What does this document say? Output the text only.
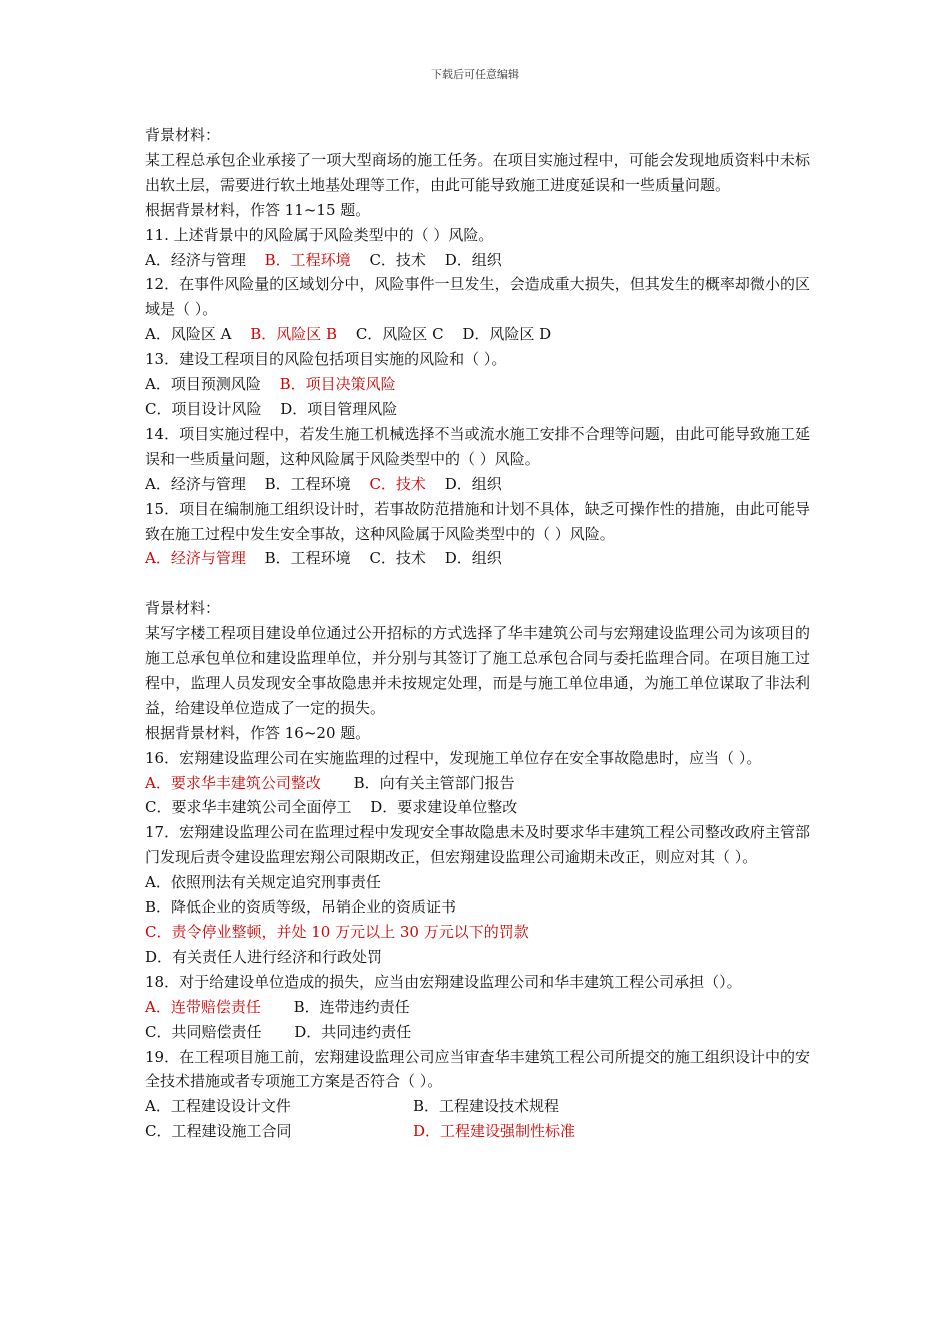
下载后可任意编辑
背景材料：
某工程总承包企业承接了一项大型商场的施工任务。在项目实施过程中，可能会发现地质资料中未标出软土层，需要进行软土地基处理等工作，由此可能导致施工进度延误和一些质量问题。
根据背景材料，作答 11~15 题。
11. 上述背景中的风险属于风险类型中的（ ）风险。
A．经济与管理 B．工程环境 C．技术 D．组织
12．在事件风险量的区域划分中，风险事件一旦发生，会造成重大损失，但其发生的概率却微小的区域是（ ）。
A．风险区 A B．风险区 B C．风险区 C D．风险区 D
13．建设工程项目的风险包括项目实施的风险和（ ）。
A．项目预测风险 B．项目决策风险
C．项目设计风险 D．项目管理风险
14．项目实施过程中，若发生施工机械选择不当或流水施工安排不合理等问题，由此可能导致施工延误和一些质量问题，这种风险属于风险类型中的（ ）风险。
A．经济与管理 B．工程环境 C．技术 D．组织
15．项目在编制施工组织设计时，若事故防范措施和计划不具体，缺乏可操作性的措施，由此可能导致在施工过程中发生安全事故，这种风险属于风险类型中的（ ）风险。
A．经济与管理 B．工程环境 C．技术 D．组织
背景材料：
某写字楼工程项目建设单位通过公开招标的方式选择了华丰建筑公司与宏翔建设监理公司为该项目的施工总承包单位和建设监理单位，并分别与其签订了施工总承包合同与委托监理合同。在项目施工过程中，监理人员发现安全事故隐患并未按规定处理，而是与施工单位串通，为施工单位谋取了非法利益，给建设单位造成了一定的损失。
根据背景材料，作答 16~20 题。
16．宏翔建设监理公司在实施监理的过程中，发现施工单位存在安全事故隐患时，应当（ ）。
A．要求华丰建筑公司整改 B．向有关主管部门报告
C．要求华丰建筑公司全面停工 D．要求建设单位整改
17．宏翔建设监理公司在监理过程中发现安全事故隐患未及时要求华丰建筑工程公司整改政府主管部门发现后责令建设监理宏翔公司限期改正，但宏翔建设监理公司逾期未改正，则应对其（ ）。
A．依照刑法有关规定追究刑事责任
B．降低企业的资质等级，吊销企业的资质证书
C．责令停业整顿，并处 10 万元以上 30 万元以下的罚款
D．有关责任人进行经济和行政处罚
18．对于给建设单位造成的损失，应当由宏翔建设监理公司和华丰建筑工程公司承担（）。
A．连带赔偿责任 B．连带违约责任
C．共同赔偿责任 D．共同违约责任
19．在工程项目施工前，宏翔建设监理公司应当审查华丰建筑工程公司所提交的施工组织设计中的安全技术措施或者专项施工方案是否符合（ ）。
A．工程建设设计文件	B．工程建设技术规程
C．工程建设施工合同	D．工程建设强制性标准
